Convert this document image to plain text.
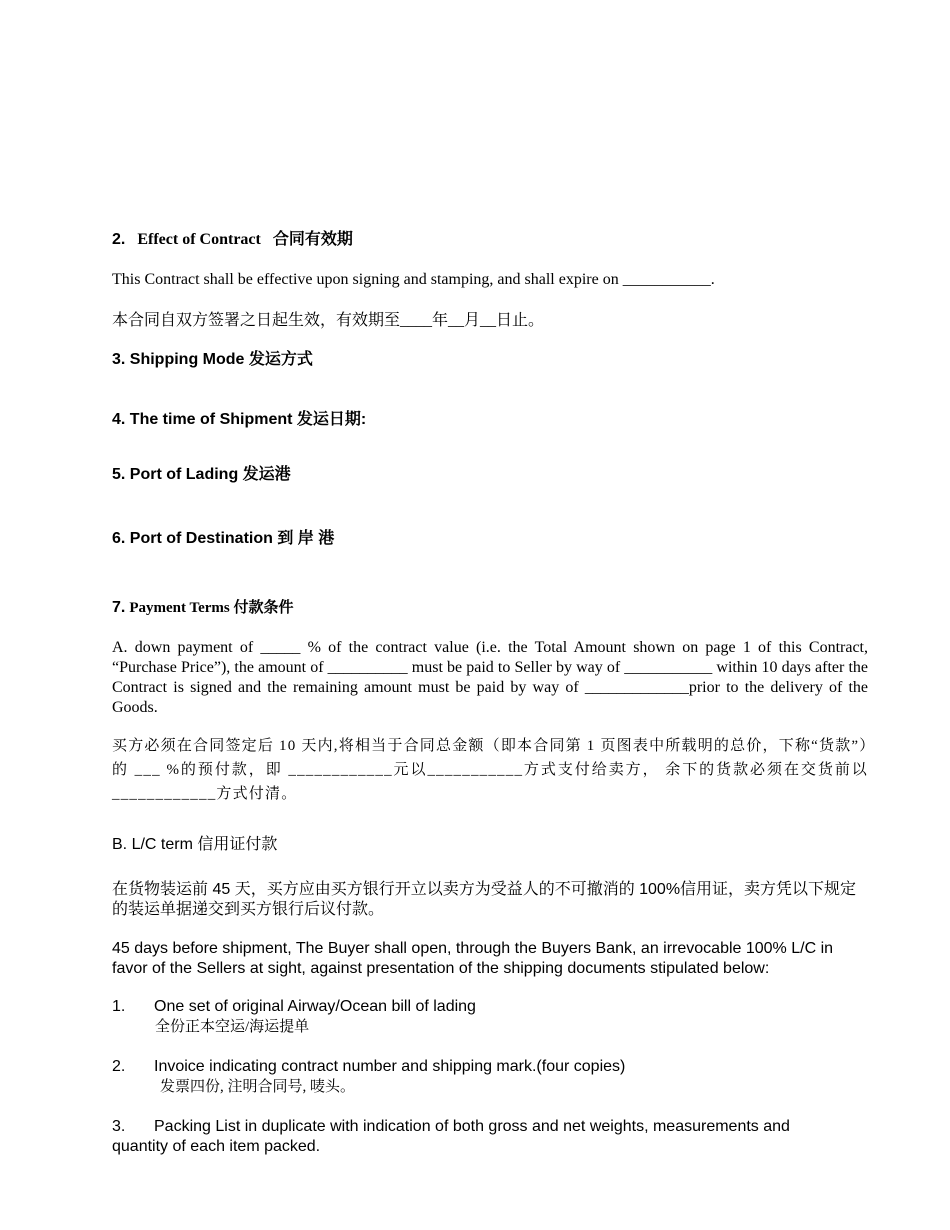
2. Effect of Contract 合同有效期

This Contract shall be effective upon signing and stamping, and shall expire on ___________.

本合同自双方签署之日起生效，有效期至____年__月__日止。

3. Shipping Mode 发运方式
4. The time of Shipment 发运日期:
5. Port of Lading 发运港
6. Port of Destination 到 岸 港
7. Payment Terms 付款条件

A. down payment of _____ % of the contract value (i.e. the Total Amount shown on page 1 of this Contract, “Purchase Price”), the amount of __________ must be paid to Seller by way of ___________ within 10 days after the Contract is signed and the remaining amount must be paid by way of _____________prior to the delivery of the Goods.

买方必须在合同签定后 10 天内,将相当于合同总金额（即本合同第 1 页图表中所载明的总价，下称“货款”）的 ___ %的预付款，即 ____________元以___________方式支付给卖方， 余下的货款必须在交货前以____________方式付清。

B. L/C term 信用证付款

在货物装运前 45 天，买方应由买方银行开立以卖方为受益人的不可撤消的 100%信用证，卖方凭以下规定的装运单据递交到买方银行后议付款。

45 days before shipment, The Buyer shall open, through the Buyers Bank, an irrevocable 100% L/C in favor of the Sellers at sight, against presentation of the shipping documents stipulated below:

1. One set of original Airway/Ocean bill of lading
全份正本空运/海运提单
2. Invoice indicating contract number and shipping mark.(four copies)
发票四份, 注明合同号, 唛头。
3.	Packing List in duplicate with indication of both gross and net weights, measurements and quantity of each item packed.
